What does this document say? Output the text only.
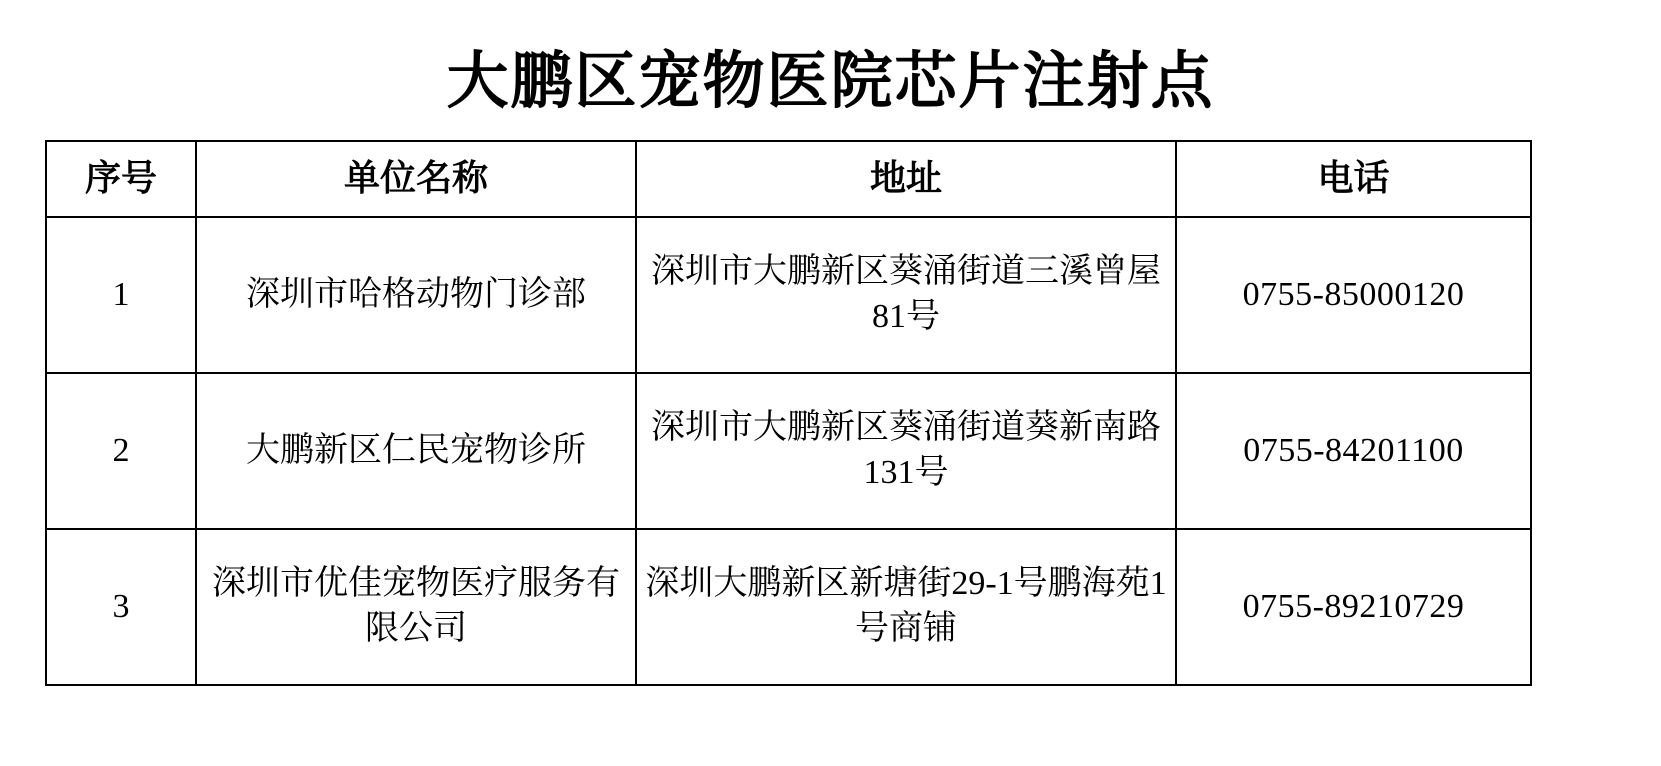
大鹏区宠物医院芯片注射点
序号	单位名称	地址	电话
1	深圳市哈格动物门诊部	深圳市大鹏新区葵涌街道三溪曾屋81号	0755-85000120
2	大鹏新区仁民宠物诊所	深圳市大鹏新区葵涌街道葵新南路131号	0755-84201100
3	深圳市优佳宠物医疗服务有限公司	深圳大鹏新区新塘街29-1号鹏海苑1号商铺	0755-89210729
